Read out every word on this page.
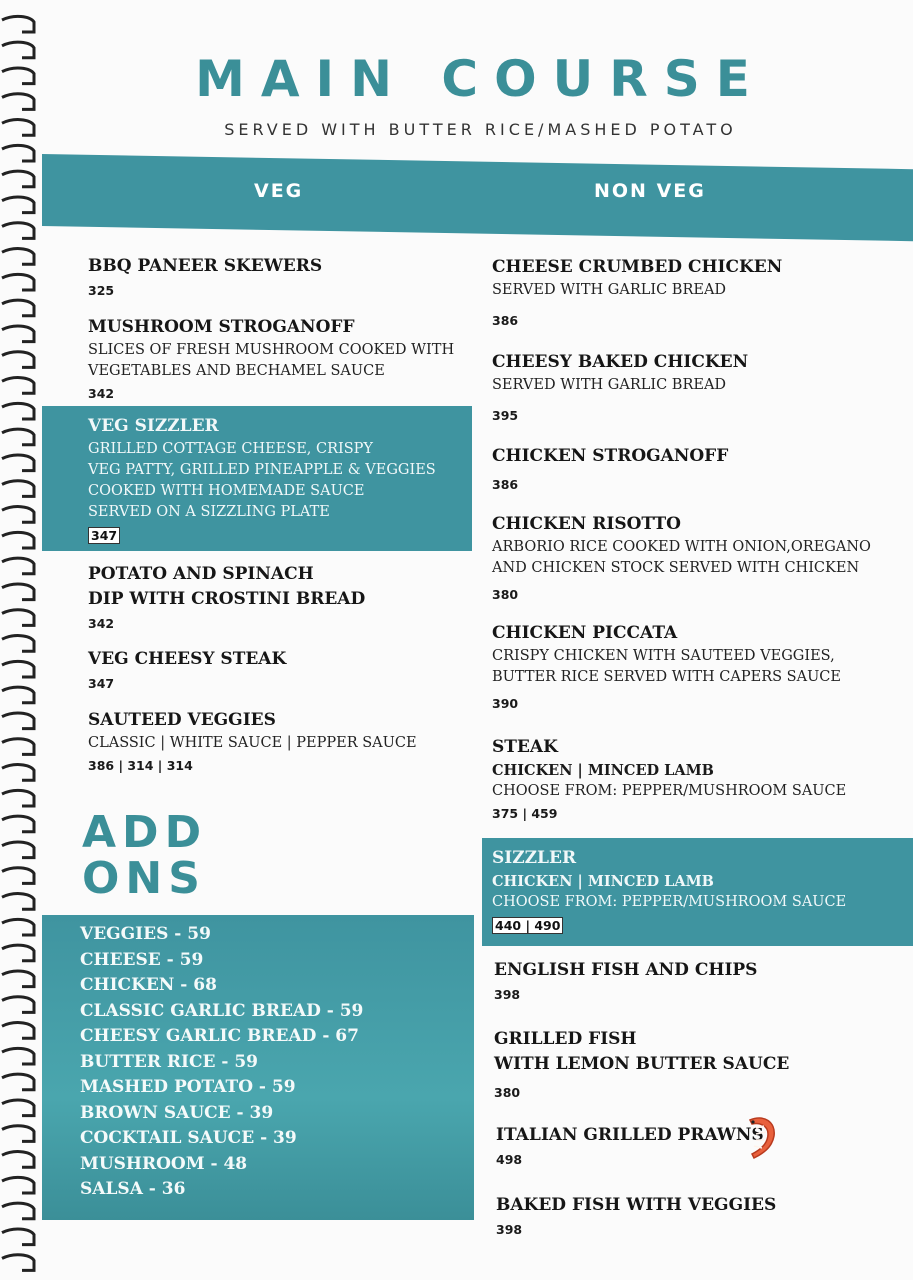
MAIN COURSE
SERVED WITH BUTTER RICE/MASHED POTATO
VEG	NON VEG
BBQ PANEER SKEWERS
325
MUSHROOM STROGANOFF
SLICES OF FRESH MUSHROOM COOKED WITH
VEGETABLES AND BECHAMEL SAUCE
342
VEG SIZZLER
GRILLED COTTAGE CHEESE, CRISPY
VEG PATTY, GRILLED PINEAPPLE & VEGGIES
COOKED WITH HOMEMADE SAUCE
SERVED ON A SIZZLING PLATE
347
POTATO AND SPINACH
DIP WITH CROSTINI BREAD
342
VEG CHEESY STEAK
347
SAUTEED VEGGIES
CLASSIC | WHITE SAUCE | PEPPER SAUCE
386 | 314 | 314
ADD
ONS
VEGGIES - 59
CHEESE - 59
CHICKEN - 68
CLASSIC GARLIC BREAD - 59
CHEESY GARLIC BREAD - 67
BUTTER RICE - 59
MASHED POTATO - 59
BROWN SAUCE - 39
COCKTAIL SAUCE - 39
MUSHROOM - 48
SALSA - 36
CHEESE CRUMBED CHICKEN
SERVED WITH GARLIC BREAD
386
CHEESY BAKED CHICKEN
SERVED WITH GARLIC BREAD
395
CHICKEN STROGANOFF
386
CHICKEN RISOTTO
ARBORIO RICE COOKED WITH ONION,OREGANO
AND CHICKEN STOCK SERVED WITH CHICKEN
380
CHICKEN PICCATA
CRISPY CHICKEN WITH SAUTEED VEGGIES,
BUTTER RICE SERVED WITH CAPERS SAUCE
390
STEAK
CHICKEN | MINCED LAMB
CHOOSE FROM: PEPPER/MUSHROOM SAUCE
375 | 459
SIZZLER
CHICKEN | MINCED LAMB
CHOOSE FROM: PEPPER/MUSHROOM SAUCE
440 | 490
ENGLISH FISH AND CHIPS
398
GRILLED FISH
WITH LEMON BUTTER SAUCE
380
ITALIAN GRILLED PRAWNS
498
BAKED FISH WITH VEGGIES
398
